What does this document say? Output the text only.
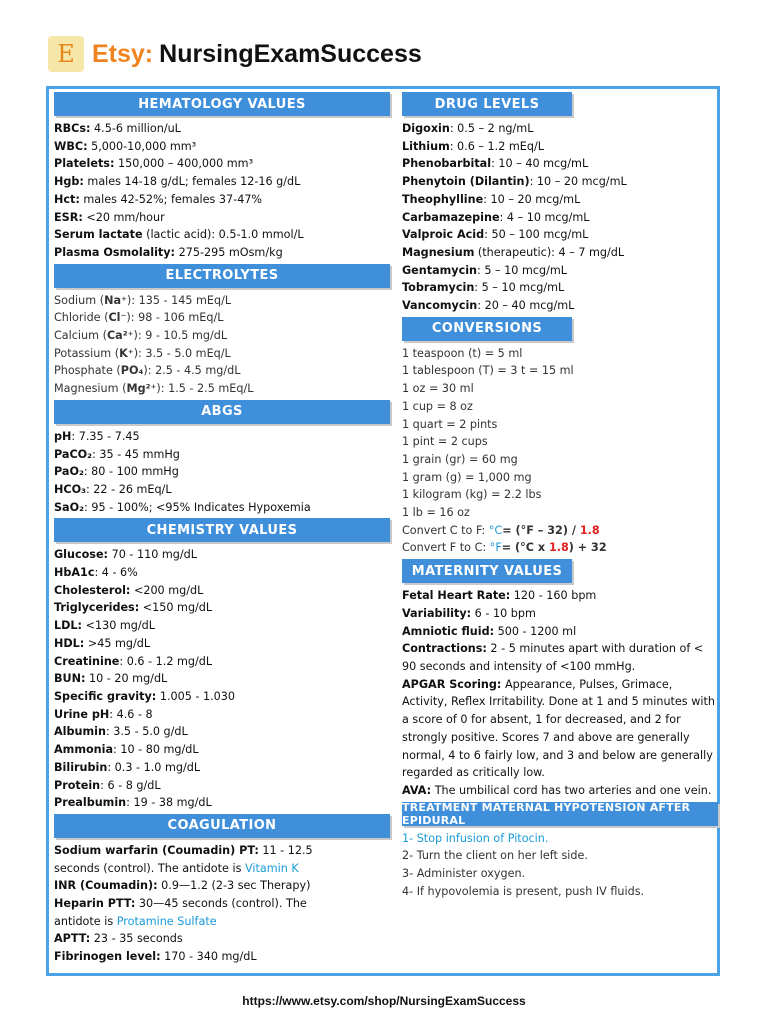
E Etsy: NursingExamSuccess
HEMATOLOGY VALUES
RBCs: 4.5-6 million/uL
WBC: 5,000-10,000 mm³
Platelets: 150,000 – 400,000 mm³
Hgb: males 14-18 g/dL; females 12-16 g/dL
Hct: males 42-52%; females 37-47%
ESR: <20 mm/hour
Serum lactate (lactic acid): 0.5-1.0 mmol/L
Plasma Osmolality: 275-295 mOsm/kg
ELECTROLYTES
Sodium (Na⁺): 135 - 145 mEq/L
Chloride (Cl⁻): 98 - 106 mEq/L
Calcium (Ca²⁺): 9 - 10.5 mg/dL
Potassium (K⁺): 3.5 - 5.0 mEq/L
Phosphate (PO₄): 2.5 - 4.5 mg/dL
Magnesium (Mg²⁺): 1.5 - 2.5 mEq/L
ABGS
pH: 7.35 - 7.45
PaCO₂: 35 - 45 mmHg
PaO₂: 80 - 100 mmHg
HCO₃: 22 - 26 mEq/L
SaO₂: 95 - 100%; <95% Indicates Hypoxemia
CHEMISTRY VALUES
Glucose: 70 - 110 mg/dL
HbA1c: 4 - 6%
Cholesterol: <200 mg/dL
Triglycerides: <150 mg/dL
LDL: <130 mg/dL
HDL: >45 mg/dL
Creatinine: 0.6 - 1.2 mg/dL
BUN: 10 - 20 mg/dL
Specific gravity: 1.005 - 1.030
Urine pH: 4.6 - 8
Albumin: 3.5 - 5.0 g/dL
Ammonia: 10 - 80 mg/dL
Bilirubin: 0.3 - 1.0 mg/dL
Protein: 6 - 8 g/dL
Prealbumin: 19 - 38 mg/dL
COAGULATION
Sodium warfarin (Coumadin) PT: 11 - 12.5
seconds (control). The antidote is Vitamin K
INR (Coumadin): 0.9—1.2 (2-3 sec Therapy)
Heparin PTT: 30—45 seconds (control). The
antidote is Protamine Sulfate
APTT: 23 - 35 seconds
Fibrinogen level: 170 - 340 mg/dL
DRUG LEVELS
Digoxin: 0.5 – 2 ng/mL
Lithium: 0.6 – 1.2 mEq/L
Phenobarbital: 10 – 40 mcg/mL
Phenytoin (Dilantin): 10 – 20 mcg/mL
Theophylline: 10 – 20 mcg/mL
Carbamazepine: 4 – 10 mcg/mL
Valproic Acid: 50 – 100 mcg/mL
Magnesium (therapeutic): 4 – 7 mg/dL
Gentamycin: 5 – 10 mcg/mL
Tobramycin: 5 – 10 mcg/mL
Vancomycin: 20 – 40 mcg/mL
CONVERSIONS
1 teaspoon (t) = 5 ml
1 tablespoon (T) = 3 t = 15 ml
1 oz = 30 ml
1 cup = 8 oz
1 quart = 2 pints
1 pint = 2 cups
1 grain (gr) = 60 mg
1 gram (g) = 1,000 mg
1 kilogram (kg) = 2.2 lbs
1 lb = 16 oz
Convert C to F: °C= (°F – 32) / 1.8
Convert F to C: °F= (°C x 1.8) + 32
MATERNITY VALUES
Fetal Heart Rate: 120 - 160 bpm
Variability: 6 - 10 bpm
Amniotic fluid: 500 - 1200 ml
Contractions: 2 - 5 minutes apart with duration of < 90 seconds and intensity of <100 mmHg.
APGAR Scoring: Appearance, Pulses, Grimace, Activity, Reflex Irritability. Done at 1 and 5 minutes with a score of 0 for absent, 1 for decreased, and 2 for strongly positive. Scores 7 and above are generally normal, 4 to 6 fairly low, and 3 and below are generally regarded as critically low.
AVA: The umbilical cord has two arteries and one vein.
TREATMENT MATERNAL HYPOTENSION AFTER EPIDURAL
1- Stop infusion of Pitocin.
2- Turn the client on her left side.
3- Administer oxygen.
4- If hypovolemia is present, push IV fluids.
https://www.etsy.com/shop/NursingExamSuccess
